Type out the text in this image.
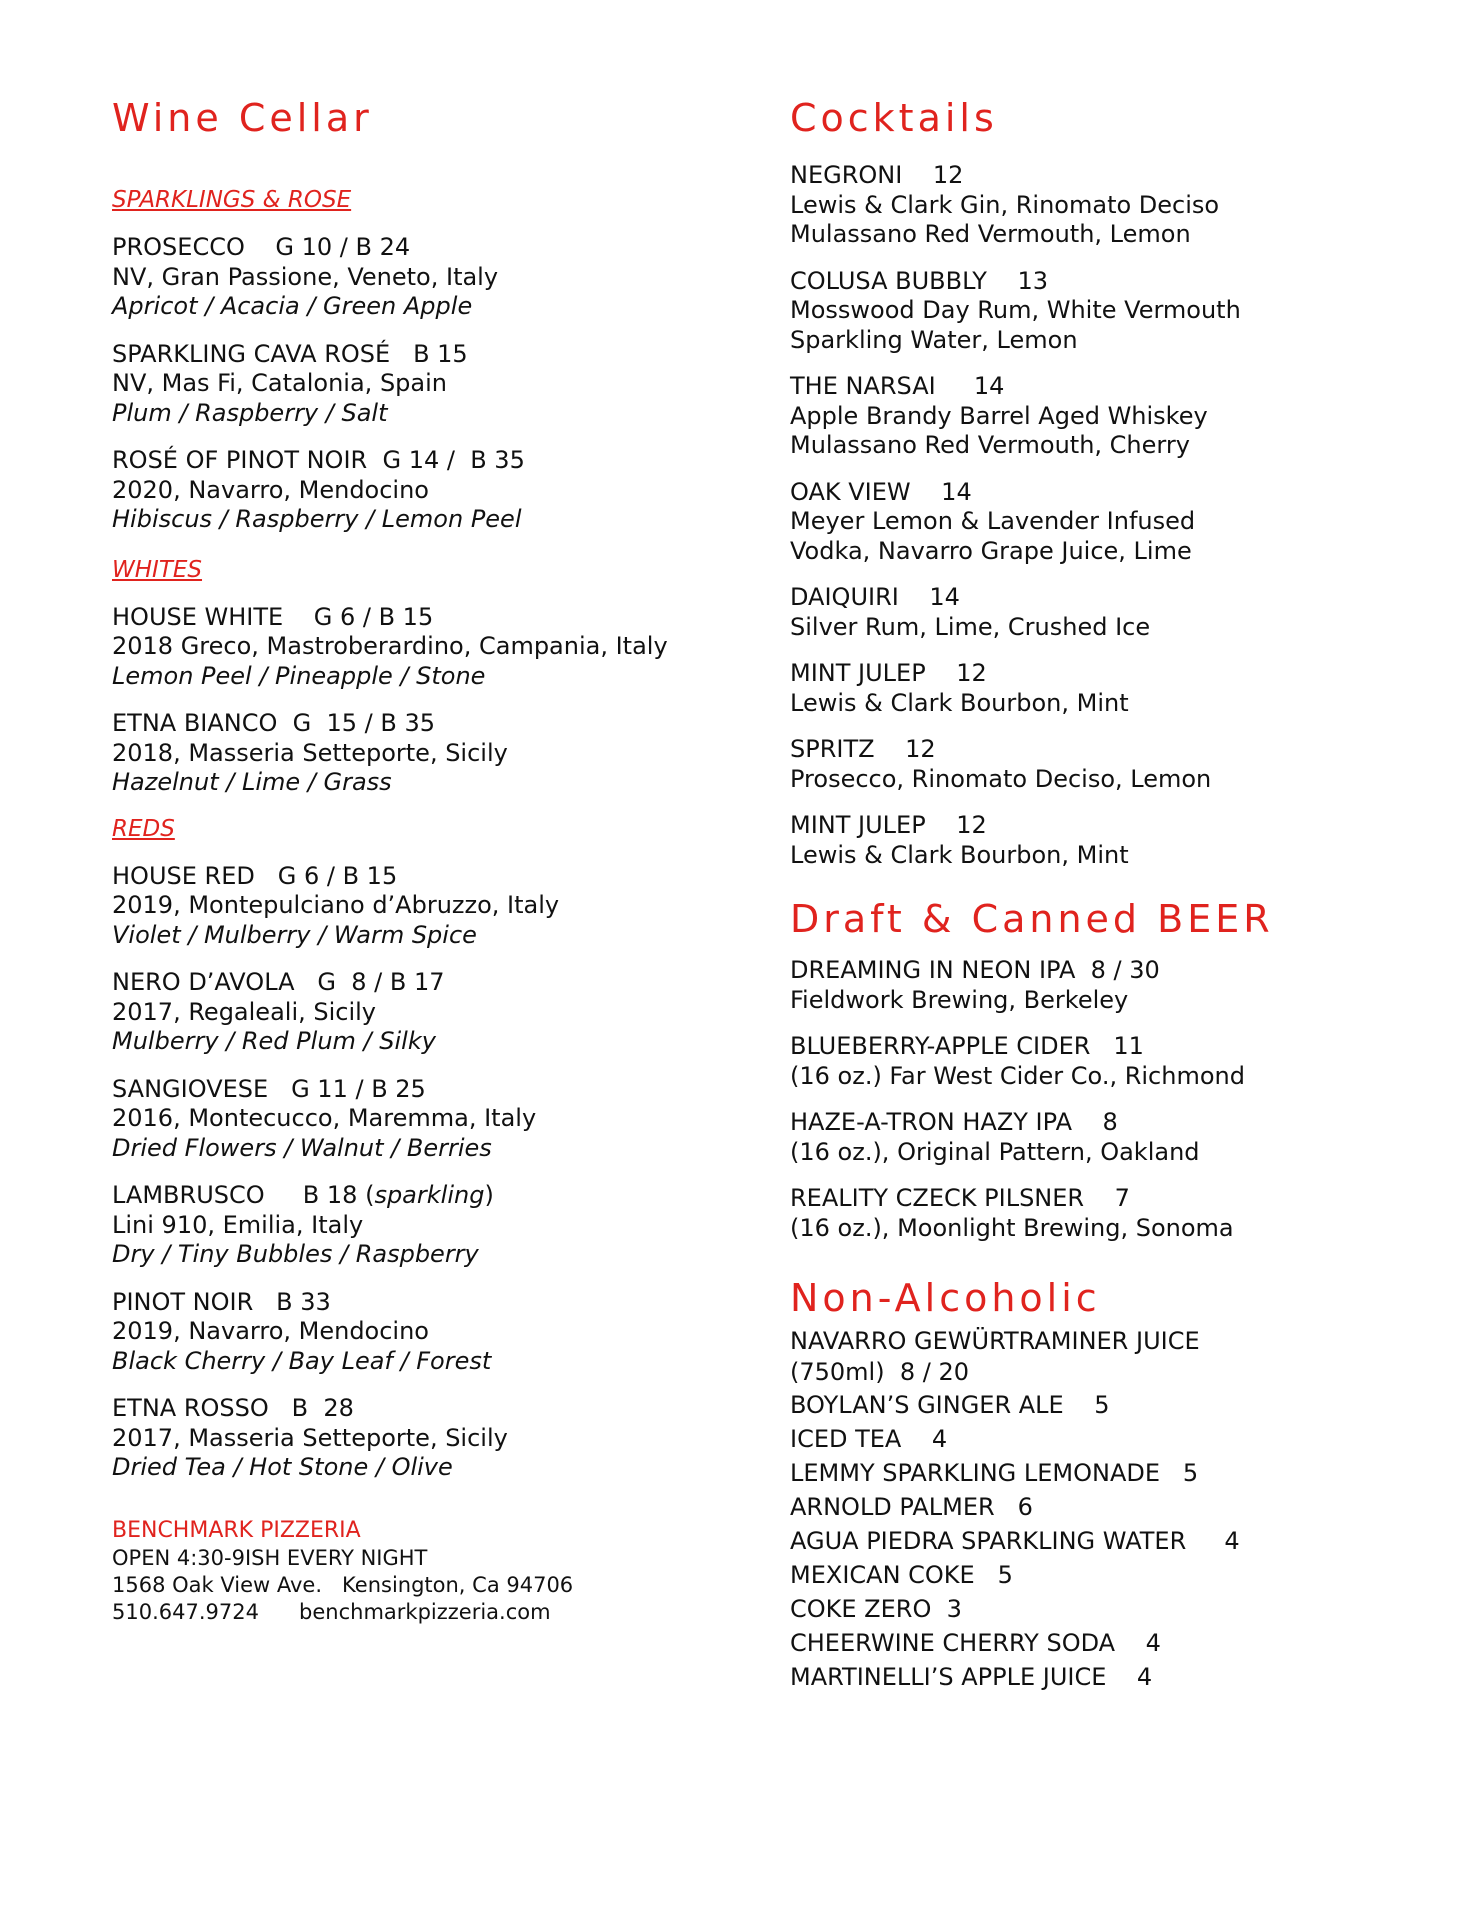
Wine Cellar

SPARKLINGS & ROSE

PROSECCO G 10 / B 24
NV, Gran Passione, Veneto, Italy
Apricot / Acacia / Green Apple
SPARKLING CAVA ROSÉ B 15
NV, Mas Fi, Catalonia, Spain
Plum / Raspberry / Salt
ROSÉ OF PINOT NOIR G 14 /  B 35
2020, Navarro, Mendocino
Hibiscus / Raspberry / Lemon Peel

WHITES

HOUSE WHITE G 6 / B 15
2018 Greco, Mastroberardino, Campania, Italy
Lemon Peel / Pineapple / Stone
ETNA BIANCO G  15 / B 35
2018, Masseria Setteporte, Sicily
Hazelnut / Lime / Grass

REDS

HOUSE RED G 6 / B 15
2019, Montepulciano d’Abruzzo, Italy
Violet / Mulberry / Warm Spice
NERO D’AVOLA G  8 / B 17
2017, Regaleali, Sicily
Mulberry / Red Plum / Silky
SANGIOVESE G 11 / B 25
2016, Montecucco, Maremma, Italy
Dried Flowers / Walnut / Berries
LAMBRUSCO B 18 (sparkling)
Lini 910, Emilia, Italy
Dry / Tiny Bubbles / Raspberry
PINOT NOIR B 33
2019, Navarro, Mendocino
Black Cherry / Bay Leaf / Forest
ETNA ROSSO B  28
2017, Masseria Setteporte, Sicily
Dried Tea / Hot Stone / Olive
BENCHMARK PIZZERIA
OPEN 4:30-9ISH EVERY NIGHT
1568 Oak View Ave.   Kensington, Ca 94706
510.647.9724 benchmarkpizzeria.com
Cocktails
NEGRONI 12
Lewis & Clark Gin, Rinomato Deciso
Mulassano Red Vermouth, Lemon
COLUSA BUBBLY 13
Mosswood Day Rum, White Vermouth
Sparkling Water, Lemon
THE NARSAI 14
Apple Brandy Barrel Aged Whiskey
Mulassano Red Vermouth, Cherry
OAK VIEW 14
Meyer Lemon & Lavender Infused
Vodka, Navarro Grape Juice, Lime
DAIQUIRI 14
Silver Rum, Lime, Crushed Ice
MINT JULEP 12
Lewis & Clark Bourbon, Mint
SPRITZ 12
Prosecco, Rinomato Deciso, Lemon
MINT JULEP 12
Lewis & Clark Bourbon, Mint
Draft & Canned BEER
DREAMING IN NEON IPA 8 / 30
Fieldwork Brewing, Berkeley
BLUEBERRY-APPLE CIDER 11
(16 oz.) Far West Cider Co., Richmond
HAZE-A-TRON HAZY IPA 8
(16 oz.), Original Pattern, Oakland
REALITY CZECK PILSNER 7
(16 oz.), Moonlight Brewing, Sonoma
Non-Alcoholic
NAVARRO GEWÜRTRAMINER JUICE
(750ml)  8 / 20
BOYLAN’S GINGER ALE 5
ICED TEA 4
LEMMY SPARKLING LEMONADE 5
ARNOLD PALMER 6
AGUA PIEDRA SPARKLING WATER 4
MEXICAN COKE 5
COKE ZERO 3
CHEERWINE CHERRY SODA 4
MARTINELLI’S APPLE JUICE 4
